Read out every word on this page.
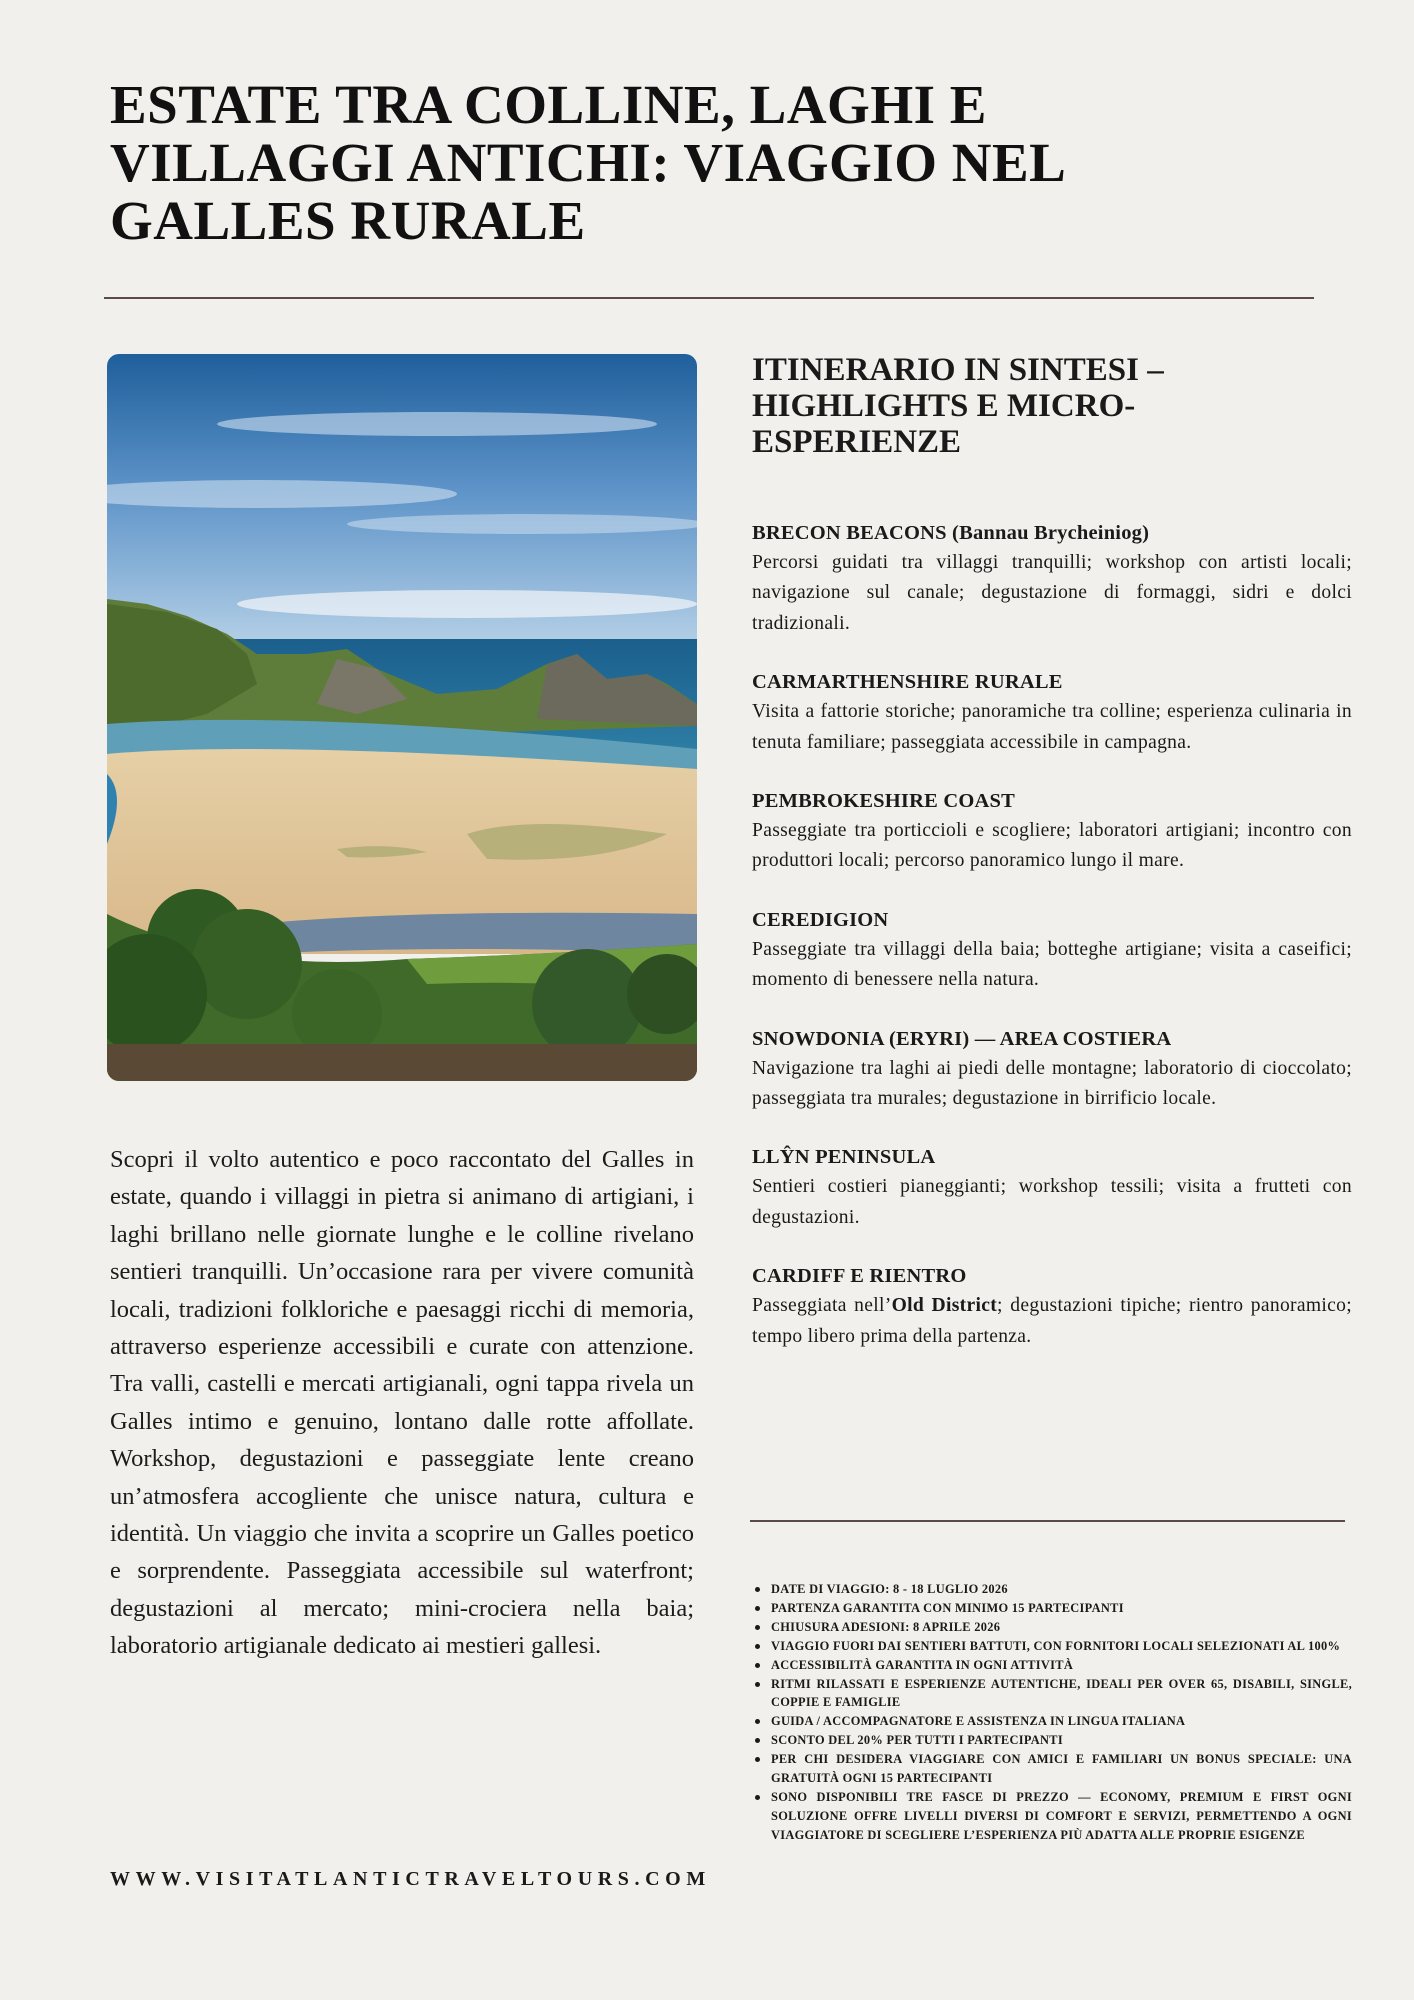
ESTATE TRA COLLINE, LAGHI E VILLAGGI ANTICHI: VIAGGIO NEL GALLES RURALE

Scopri il volto autentico e poco raccontato del Galles in estate, quando i villaggi in pietra si animano di artigiani, i laghi brillano nelle giornate lunghe e le colline rivelano sentieri tranquilli. Un’occasione rara per vivere comunità locali, tradizioni folkloriche e paesaggi ricchi di memoria, attraverso esperienze accessibili e curate con attenzione. Tra valli, castelli e mercati artigianali, ogni tappa rivela un Galles intimo e genuino, lontano dalle rotte affollate. Workshop, degustazioni e passeggiate lente creano un’atmosfera accogliente che unisce natura, cultura e identità. Un viaggio che invita a scoprire un Galles poetico e sorprendente. Passeggiata accessibile sul waterfront; degustazioni al mercato; mini-crociera nella baia; laboratorio artigianale dedicato ai mestieri gallesi.

WWW.VISITATLANTICTRAVELTOURS.COM
ITINERARIO IN SINTESI – HIGHLIGHTS E MICRO-ESPERIENZE
BRECON BEACONS (Bannau Brycheiniog)

Percorsi guidati tra villaggi tranquilli; workshop con artisti locali; navigazione sul canale; degustazione di formaggi, sidri e dolci tradizionali.

CARMARTHENSHIRE RURALE

Visita a fattorie storiche; panoramiche tra colline; esperienza culinaria in tenuta familiare; passeggiata accessibile in campagna.

PEMBROKESHIRE COAST

Passeggiate tra porticcioli e scogliere; laboratori artigiani; incontro con produttori locali; percorso panoramico lungo il mare.

CEREDIGION

Passeggiate tra villaggi della baia; botteghe artigiane; visita a caseifici; momento di benessere nella natura.

SNOWDONIA (ERYRI) — AREA COSTIERA

Navigazione tra laghi ai piedi delle montagne; laboratorio di cioccolato; passeggiata tra murales; degustazione in birrificio locale.

LLŶN PENINSULA

Sentieri costieri pianeggianti; workshop tessili; visita a frutteti con degustazioni.

CARDIFF E RIENTRO

Passeggiata nell’Old District; degustazioni tipiche; rientro panoramico; tempo libero prima della partenza.

DATE DI VIAGGIO: 8 - 18 LUGLIO 2026
PARTENZA GARANTITA CON MINIMO 15 PARTECIPANTI
CHIUSURA ADESIONI: 8 APRILE 2026
VIAGGIO FUORI DAI SENTIERI BATTUTI, CON FORNITORI LOCALI SELEZIONATI AL 100%
ACCESSIBILITÀ GARANTITA IN OGNI ATTIVITÀ
RITMI RILASSATI E ESPERIENZE AUTENTICHE, IDEALI PER OVER 65, DISABILI, SINGLE, COPPIE E FAMIGLIE
GUIDA / ACCOMPAGNATORE E ASSISTENZA IN LINGUA ITALIANA
SCONTO DEL 20% PER TUTTI I PARTECIPANTI
PER CHI DESIDERA VIAGGIARE CON AMICI E FAMILIARI UN BONUS SPECIALE: UNA GRATUITÀ OGNI 15 PARTECIPANTI
SONO DISPONIBILI TRE FASCE DI PREZZO — ECONOMY, PREMIUM E FIRST OGNI SOLUZIONE OFFRE LIVELLI DIVERSI DI COMFORT E SERVIZI, PERMETTENDO A OGNI VIAGGIATORE DI SCEGLIERE L’ESPERIENZA PIÙ ADATTA ALLE PROPRIE ESIGENZE
